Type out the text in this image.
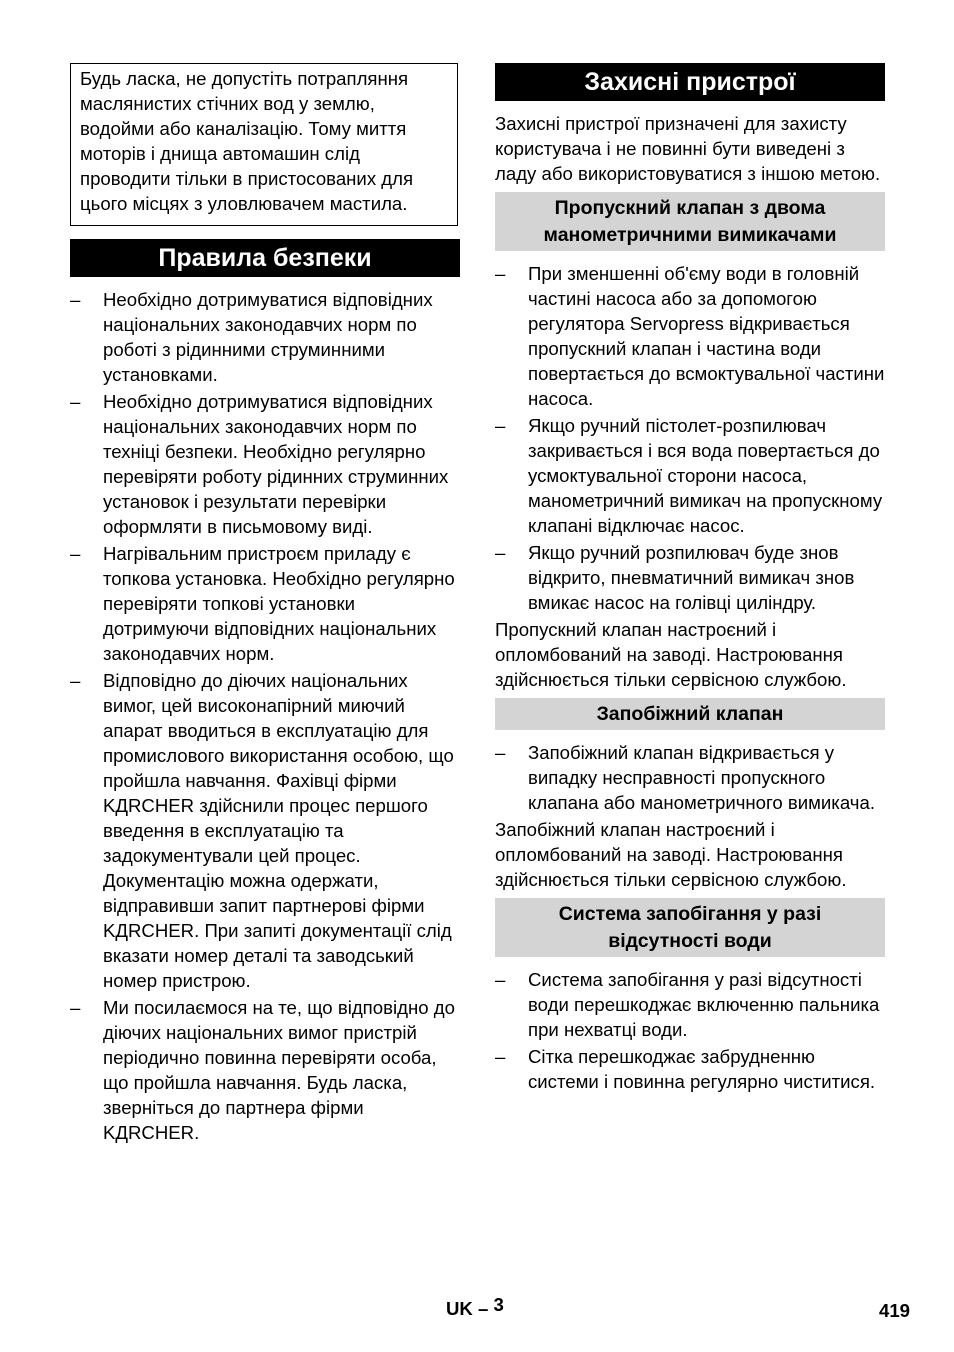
Будь ласка, не допустіть потрапляння маслянистих стічних вод у землю, водойми або каналізацію. Тому миття моторів і днища автомашин слід проводити тільки в пристосованих для цього місцях з уловлювачем мастила.
Правила безпеки
– Необхідно дотримуватися відповідних національних законодавчих норм по роботі з рідинними струминними установками.
– Необхідно дотримуватися відповідних національних законодавчих норм по техніці безпеки. Необхідно регулярно перевіряти роботу рідинних струминних установок і результати перевірки оформляти в письмовому виді.
– Нагрівальним пристроєм приладу є топкова установка. Необхідно регулярно перевіряти топкові установки дотримуючи відповідних національних законодавчих норм.
– Відповідно до діючих національних вимог, цей високонапірний миючий апарат вводиться в експлуатацію для промислового використання особою, що пройшла навчання. Фахівці фірми KДRCHER здійснили процес першого введення в експлуатацію та задокументували цей процес. Документацію можна одержати, відправивши запит партнерові фірми KДRCHER. При запиті документації слід вказати номер деталі та заводський номер пристрою.
– Ми посилаємося на те, що відповідно до діючих національних вимог пристрій періодично повинна перевіряти особа, що пройшла навчання. Будь ласка, зверніться до партнера фірми KДRCHER.
Захисні пристрої

Захисні пристрої призначені для захисту користувача і не повинні бути виведені з ладу або використовуватися з іншою метою.

Пропускний клапан з двома манометричними вимикачами
– При зменшенні об'єму води в головній частині насоса або за допомогою регулятора Servopress відкривається пропускний клапан і частина води повертається до всмоктувальної частини насоса.
– Якщо ручний пістолет-розпилювач закривається і вся вода повертається до усмоктувальної сторони насоса, манометричний вимикач на пропускному клапані відключає насос.
– Якщо ручний розпилювач буде знов відкрито, пневматичний вимикач знов вмикає насос на голівці циліндру.

Пропускний клапан настроєний і опломбований на заводі. Настроювання здійснюється тільки сервісною службою.

Запобіжний клапан
– Запобіжний клапан відкривається у випадку несправності пропускного клапана або манометричного вимикача.

Запобіжний клапан настроєний і опломбований на заводі. Настроювання здійснюється тільки сервісною службою.

Система запобігання у разі відсутності води
– Система запобігання у разі відсутності води перешкоджає включенню пальника при нехватці води.
– Сітка перешкоджає забрудненню системи і повинна регулярно чиститися.
UK – 3	419
